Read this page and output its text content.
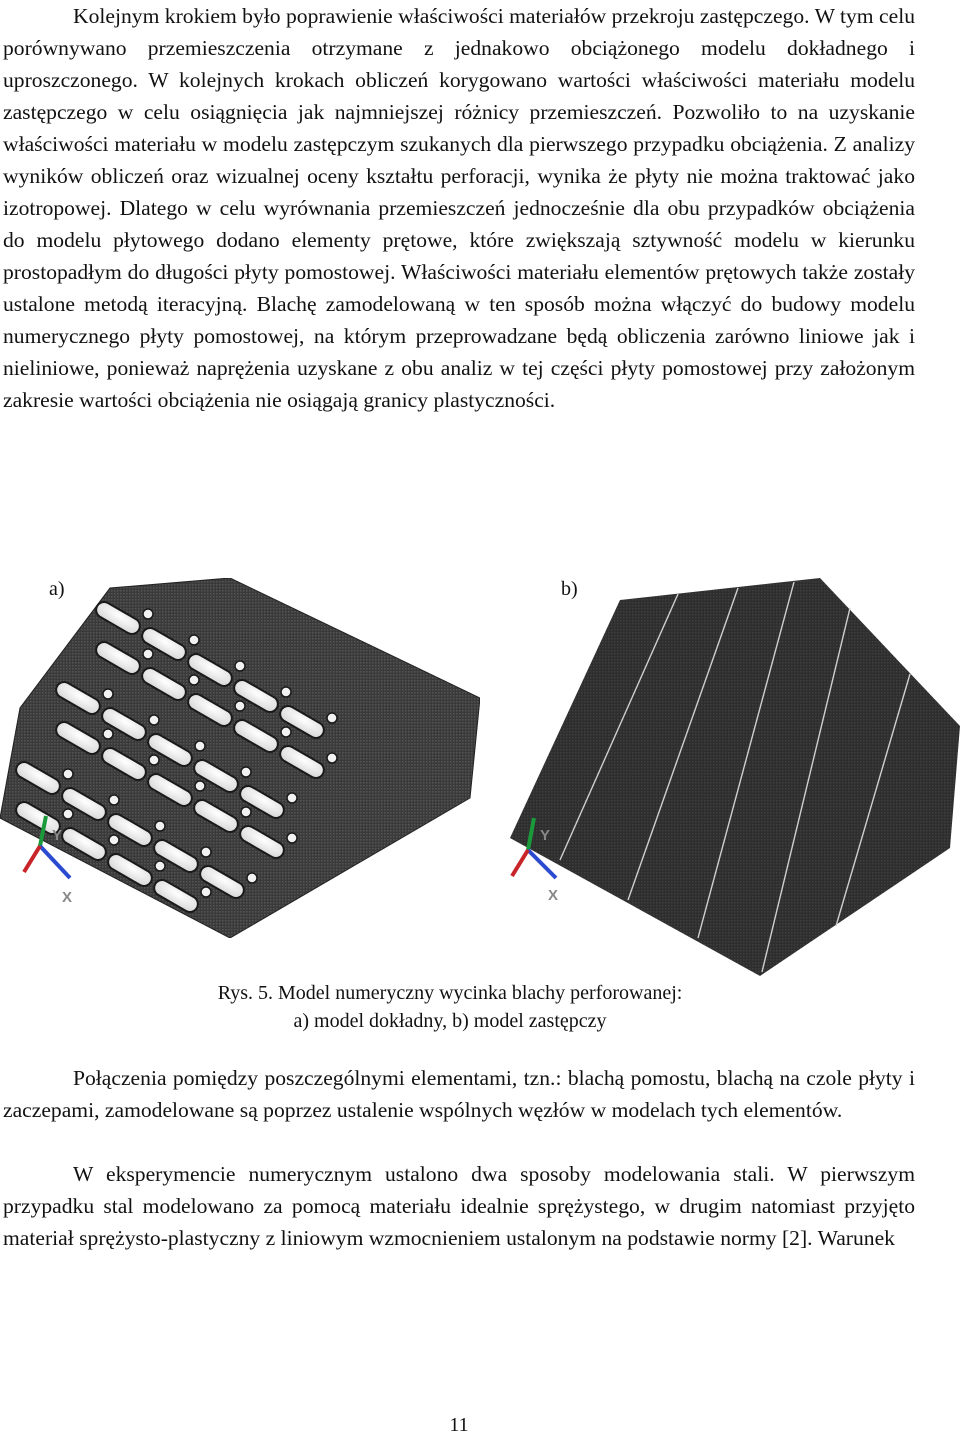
Kolejnym krokiem było poprawienie właściwości materiałów przekroju zastępczego. W tym celu porównywano przemieszczenia otrzymane z jednakowo obciążonego modelu dokładnego i uproszczonego. W kolejnych krokach obliczeń korygowano wartości właściwości materiału modelu zastępczego w celu osiągnięcia jak najmniejszej różnicy przemieszczeń. Pozwoliło to na uzyskanie właściwości materiału w modelu zastępczym szukanych dla pierwszego przypadku obciążenia. Z analizy wyników obliczeń oraz wizualnej oceny kształtu perforacji, wynika że płyty nie można traktować jako izotropowej. Dlatego w celu wyrównania przemieszczeń jednocześnie dla obu przypadków obciążenia do modelu płytowego dodano elementy prętowe, które zwiększają sztywność modelu w kierunku prostopadłym do długości płyty pomostowej. Właściwości materiału elementów prętowych także zostały ustalone metodą iteracyjną. Blachę zamodelowaną w ten sposób można włączyć do budowy modelu numerycznego płyty pomostowej, na którym przeprowadzane będą obliczenia zarówno liniowe jak i nieliniowe, ponieważ naprężenia uzyskane z obu analiz w tej części płyty pomostowej przy założonym zakresie wartości obciążenia nie osiągają granicy plastyczności.

a)	b)
Y
X
Y
X
Rys. 5. Model numeryczny wycinka blachy perforowanej:
a) model dokładny, b) model zastępczy

Połączenia pomiędzy poszczególnymi elementami, tzn.: blachą pomostu, blachą na czole płyty i zaczepami, zamodelowane są poprzez ustalenie wspólnych węzłów w modelach tych elementów.

W eksperymencie numerycznym ustalono dwa sposoby modelowania stali. W pierwszym przypadku stal modelowano za pomocą materiału idealnie sprężystego, w drugim natomiast przyjęto materiał sprężysto-plastyczny z liniowym wzmocnieniem ustalonym na podstawie normy [2]. Warunek

11
